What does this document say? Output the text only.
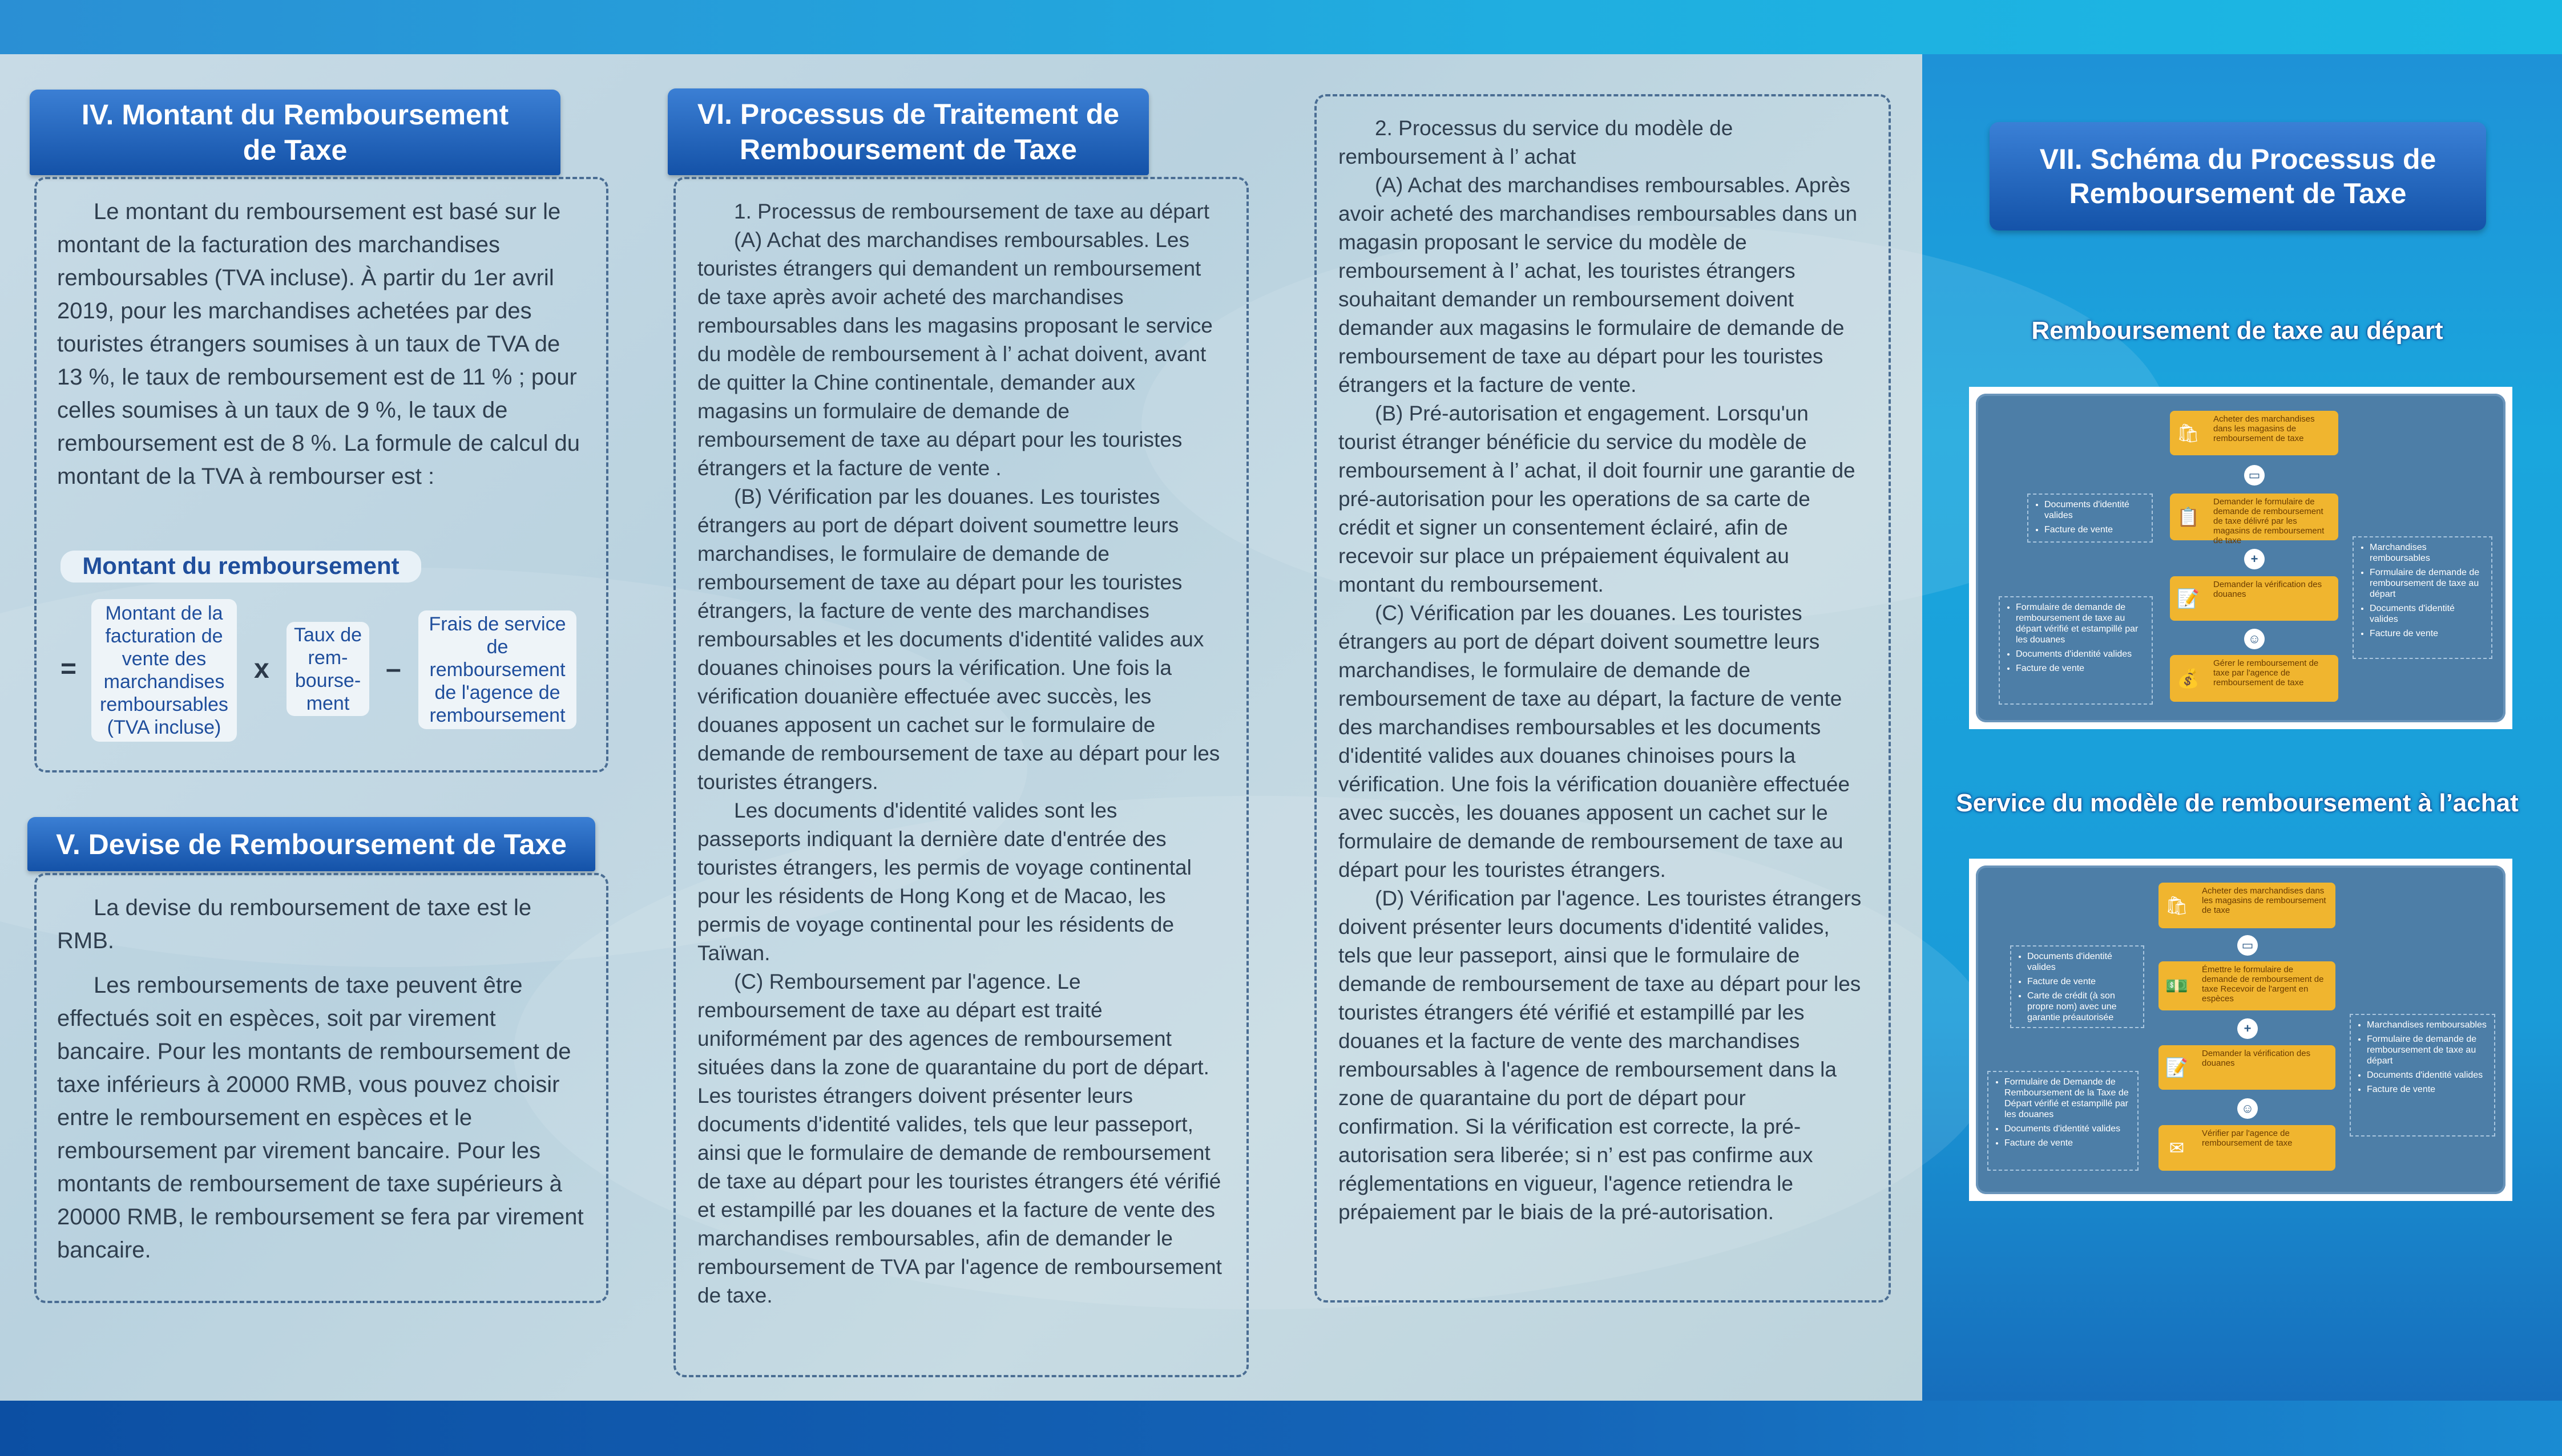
IV. Montant du Remboursement de Taxe

Le montant du remboursement est basé sur le montant de la facturation des marchandises remboursables (TVA incluse). À partir du 1er avril 2019, pour les marchandises achetées par des touristes étrangers soumises à un taux de TVA de 13 %, le taux de remboursement est de 11 % ; pour celles soumises à un taux de 9 %, le taux de remboursement est de 8 %. La formule de calcul du montant de la TVA à rembourser est :

Montant du remboursement
=
Montant de la facturation de vente des marchandises remboursables (TVA incluse)
x
Taux de rem-bourse-ment
–
Frais de service de remboursement de l'agence de remboursement
V. Devise de Remboursement de Taxe

La devise du remboursement de taxe est le RMB.

Les remboursements de taxe peuvent être effectués soit en espèces, soit par virement bancaire. Pour les montants de remboursement de taxe inférieurs à 20000 RMB, vous pouvez choisir entre le remboursement en espèces et le remboursement par virement bancaire. Pour les montants de remboursement de taxe supérieurs à 20000 RMB, le remboursement se fera par virement bancaire.

VI. Processus de Traitement de Remboursement de Taxe

1. Processus de remboursement de taxe au départ

(A) Achat des marchandises remboursables. Les touristes étrangers qui demandent un remboursement de taxe après avoir acheté des marchandises remboursables dans les magasins proposant le service du modèle de remboursement à l’ achat doivent, avant de quitter la Chine continentale, demander aux magasins un formulaire de demande de remboursement de taxe au départ pour les touristes étrangers et la facture de vente .

(B) Vérification par les douanes. Les touristes étrangers au port de départ doivent soumettre leurs marchandises, le formulaire de demande de remboursement de taxe au départ pour les touristes étrangers, la facture de vente des marchandises remboursables et les documents d'identité valides aux douanes chinoises pours la vérification. Une fois la vérification douanière effectuée avec succès, les douanes apposent un cachet sur le formulaire de demande de remboursement de taxe au départ pour les touristes étrangers.

Les documents d'identité valides sont les passeports indiquant la dernière date d'entrée des touristes étrangers, les permis de voyage continental pour les résidents de Hong Kong et de Macao, les permis de voyage continental pour les résidents de Taïwan.

(C) Remboursement par l'agence. Le remboursement de taxe au départ est traité uniformément par des agences de remboursement situées dans la zone de quarantaine du port de départ. Les touristes étrangers doivent présenter leurs documents d'identité valides, tels que leur passeport, ainsi que le formulaire de demande de remboursement de taxe au départ pour les touristes étrangers été vérifié et estampillé par les douanes et la facture de vente des marchandises remboursables, afin de demander le remboursement de TVA par l'agence de remboursement de taxe.

2. Processus du service du modèle de remboursement à l’ achat

(A) Achat des marchandises remboursables. Après avoir acheté des marchandises remboursables dans un magasin proposant le service du modèle de remboursement à l’ achat, les touristes étrangers souhaitant demander un remboursement doivent demander aux magasins le formulaire de demande de remboursement de taxe au départ pour les touristes étrangers et la facture de vente.

(B) Pré-autorisation et engagement. Lorsqu'un tourist étranger bénéficie du service du modèle de remboursement à l’ achat, il doit fournir une garantie de pré-autorisation pour les operations de sa carte de crédit et signer un consentement éclairé, afin de recevoir sur place un prépaiement équivalent au montant du remboursement.

(C) Vérification par les douanes. Les touristes étrangers au port de départ doivent soumettre leurs marchandises, le formulaire de demande de remboursement de taxe au départ, la facture de vente des marchandises remboursables et les documents d'identité valides aux douanes chinoises pours la vérification. Une fois la vérification douanière effectuée avec succès, les douanes apposent un cachet sur le formulaire de demande de remboursement de taxe au départ pour les touristes étrangers.

(D) Vérification par l'agence. Les touristes étrangers doivent présenter leurs documents d'identité valides, tels que leur passeport, ainsi que le formulaire de demande de remboursement de taxe au départ pour les touristes étrangers été vérifié et estampillé par les douanes et la facture de vente des marchandises remboursables à l'agence de remboursement dans la zone de quarantaine du port de départ pour confirmation. Si la vérification est correcte, la pré-autorisation sera liberée; si n’ est pas confirme aux réglementations en vigueur, l'agence retiendra le prépaiement par le biais de la pré-autorisation.

VII. Schéma du Processus de Remboursement de Taxe
Remboursement de taxe au départ
🛍
Acheter des marchandises dans les magasins de remboursement de taxe
▭
📋
Demander le formulaire de demande de remboursement de taxe délivré par les magasins de remboursement de taxe
+
📝
Demander la vérification des douanes
☺
💰
Gérer le remboursement de taxe par l'agence de remboursement de taxe
• Documents d'identité valides
• Facture de vente
• Formulaire de demande de remboursement de taxe au départ vérifié et estampillé par les douanes
• Documents d'identité valides
• Facture de vente
• Marchandises remboursables
• Formulaire de demande de remboursement de taxe au départ
• Documents d'identité valides
• Facture de vente
Service du modèle de remboursement à l’achat
🛍
Acheter des marchandises dans les magasins de remboursement de taxe
▭
💵
Émettre le formulaire de demande de remboursement de taxe Recevoir de l'argent en espèces
+
📝
Demander la vérification des douanes
☺
✉
Vérifier par l'agence de remboursement de taxe
• Documents d'identité valides
• Facture de vente
• Carte de crédit (à son propre nom) avec une garantie préautorisée
• Formulaire de Demande de Remboursement de la Taxe de Départ vérifié et estampillé par les douanes
• Documents d'identité valides
• Facture de vente
• Marchandises remboursables
• Formulaire de demande de remboursement de taxe au départ
• Documents d'identité valides
• Facture de vente
